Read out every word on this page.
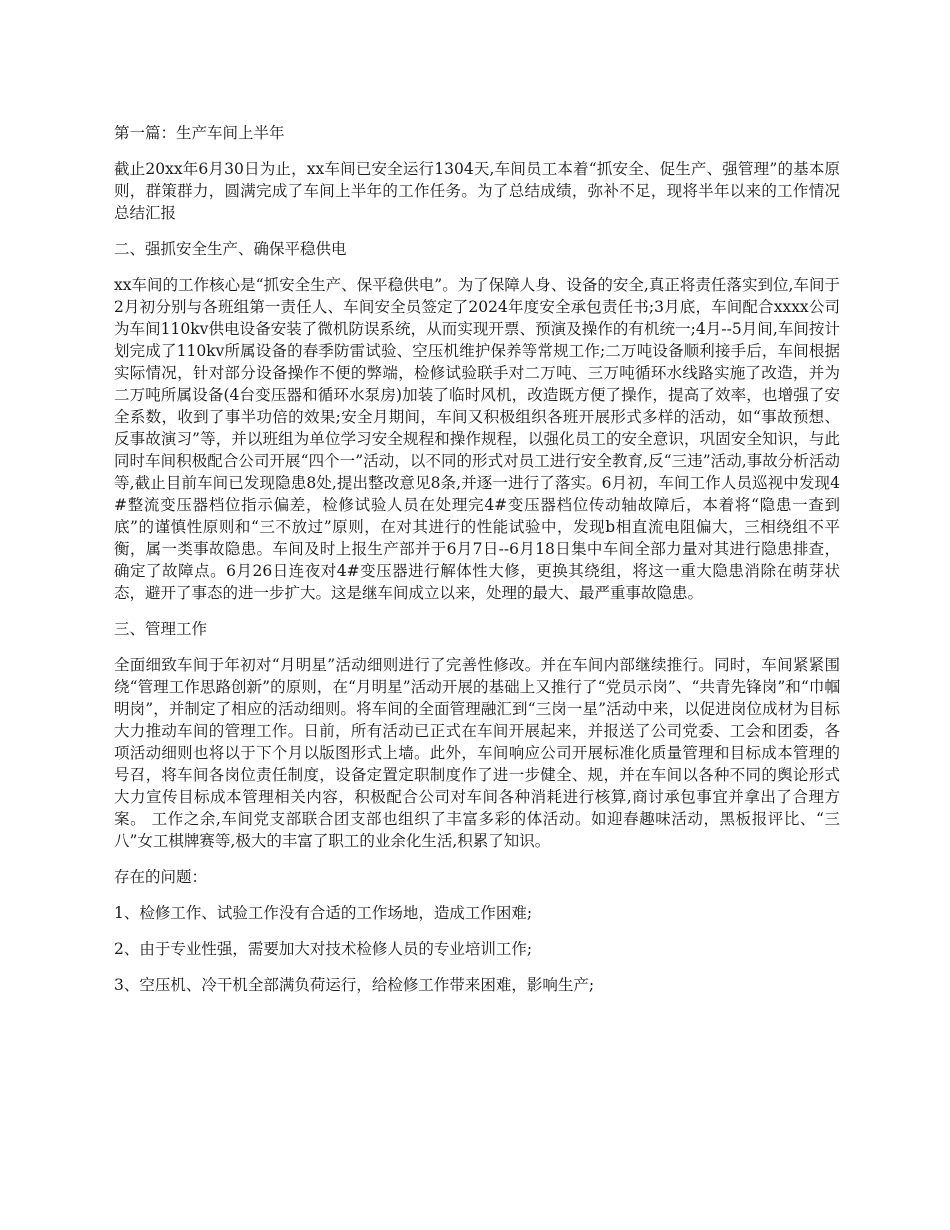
第一篇：生产车间上半年

截止20xx年6月30日为止，xx车间已安全运行1304天,车间员工本着“抓安全、促生产、强管理”的基本原则，群策群力，圆满完成了车间上半年的工作任务。为了总结成绩，弥补不足，现将半年以来的工作情况总结汇报

二、强抓安全生产、确保平稳供电

xx车间的工作核心是“抓安全生产、保平稳供电”。为了保障人身、设备的安全,真正将责任落实到位,车间于2月初分别与各班组第一责任人、车间安全员签定了2024年度安全承包责任书;3月底，车间配合xxxx公司为车间110kv供电设备安装了微机防误系统，从而实现开票、预演及操作的有机统一;4月--5月间,车间按计划完成了110kv所属设备的春季防雷试验、空压机维护保养等常规工作;二万吨设备顺利接手后，车间根据实际情况，针对部分设备操作不便的弊端，检修试验联手对二万吨、三万吨循环水线路实施了改造，并为二万吨所属设备(4台变压器和循环水泵房)加装了临时风机，改造既方便了操作，提高了效率，也增强了安全系数，收到了事半功倍的效果;安全月期间，车间又积极组织各班开展形式多样的活动，如“事故预想、反事故演习”等，并以班组为单位学习安全规程和操作规程，以强化员工的安全意识，巩固安全知识，与此同时车间积极配合公司开展“四个一”活动，以不同的形式对员工进行安全教育,反“三违”活动,事故分析活动等,截止目前车间已发现隐患8处,提出整改意见8条,并逐一进行了落实。6月初，车间工作人员巡视中发现4#整流变压器档位指示偏差，检修试验人员在处理完4#变压器档位传动轴故障后，本着将“隐患一查到底”的谨慎性原则和“三不放过”原则，在对其进行的性能试验中，发现b相直流电阻偏大，三相绕组不平衡，属一类事故隐患。车间及时上报生产部并于6月7日--6月18日集中车间全部力量对其进行隐患排查，确定了故障点。6月26日连夜对4#变压器进行解体性大修，更换其绕组，将这一重大隐患消除在萌芽状态，避开了事态的进一步扩大。这是继车间成立以来，处理的最大、最严重事故隐患。

三、管理工作

全面细致车间于年初对“月明星”活动细则进行了完善性修改。并在车间内部继续推行。同时，车间紧紧围绕“管理工作思路创新”的原则，在“月明星”活动开展的基础上又推行了“党员示岗”、“共青先锋岗”和“巾帼明岗”，并制定了相应的活动细则。将车间的全面管理融汇到“三岗一星”活动中来，以促进岗位成材为目标大力推动车间的管理工作。日前，所有活动已正式在车间开展起来，并报送了公司党委、工会和团委，各项活动细则也将以于下个月以版图形式上墙。此外，车间响应公司开展标准化质量管理和目标成本管理的号召，将车间各岗位责任制度，设备定置定职制度作了进一步健全、规，并在车间以各种不同的舆论形式大力宣传目标成本管理相关内容，积极配合公司对车间各种消耗进行核算,商讨承包事宜并拿出了合理方案。 工作之余,车间党支部联合团支部也组织了丰富多彩的体活动。如迎春趣味活动，黑板报评比、“三八”女工棋牌赛等,极大的丰富了职工的业余化生活,积累了知识。

存在的问题：

1、检修工作、试验工作没有合适的工作场地，造成工作困难;

2、由于专业性强，需要加大对技术检修人员的专业培训工作;

3、空压机、冷干机全部满负荷运行，给检修工作带来困难，影响生产;
